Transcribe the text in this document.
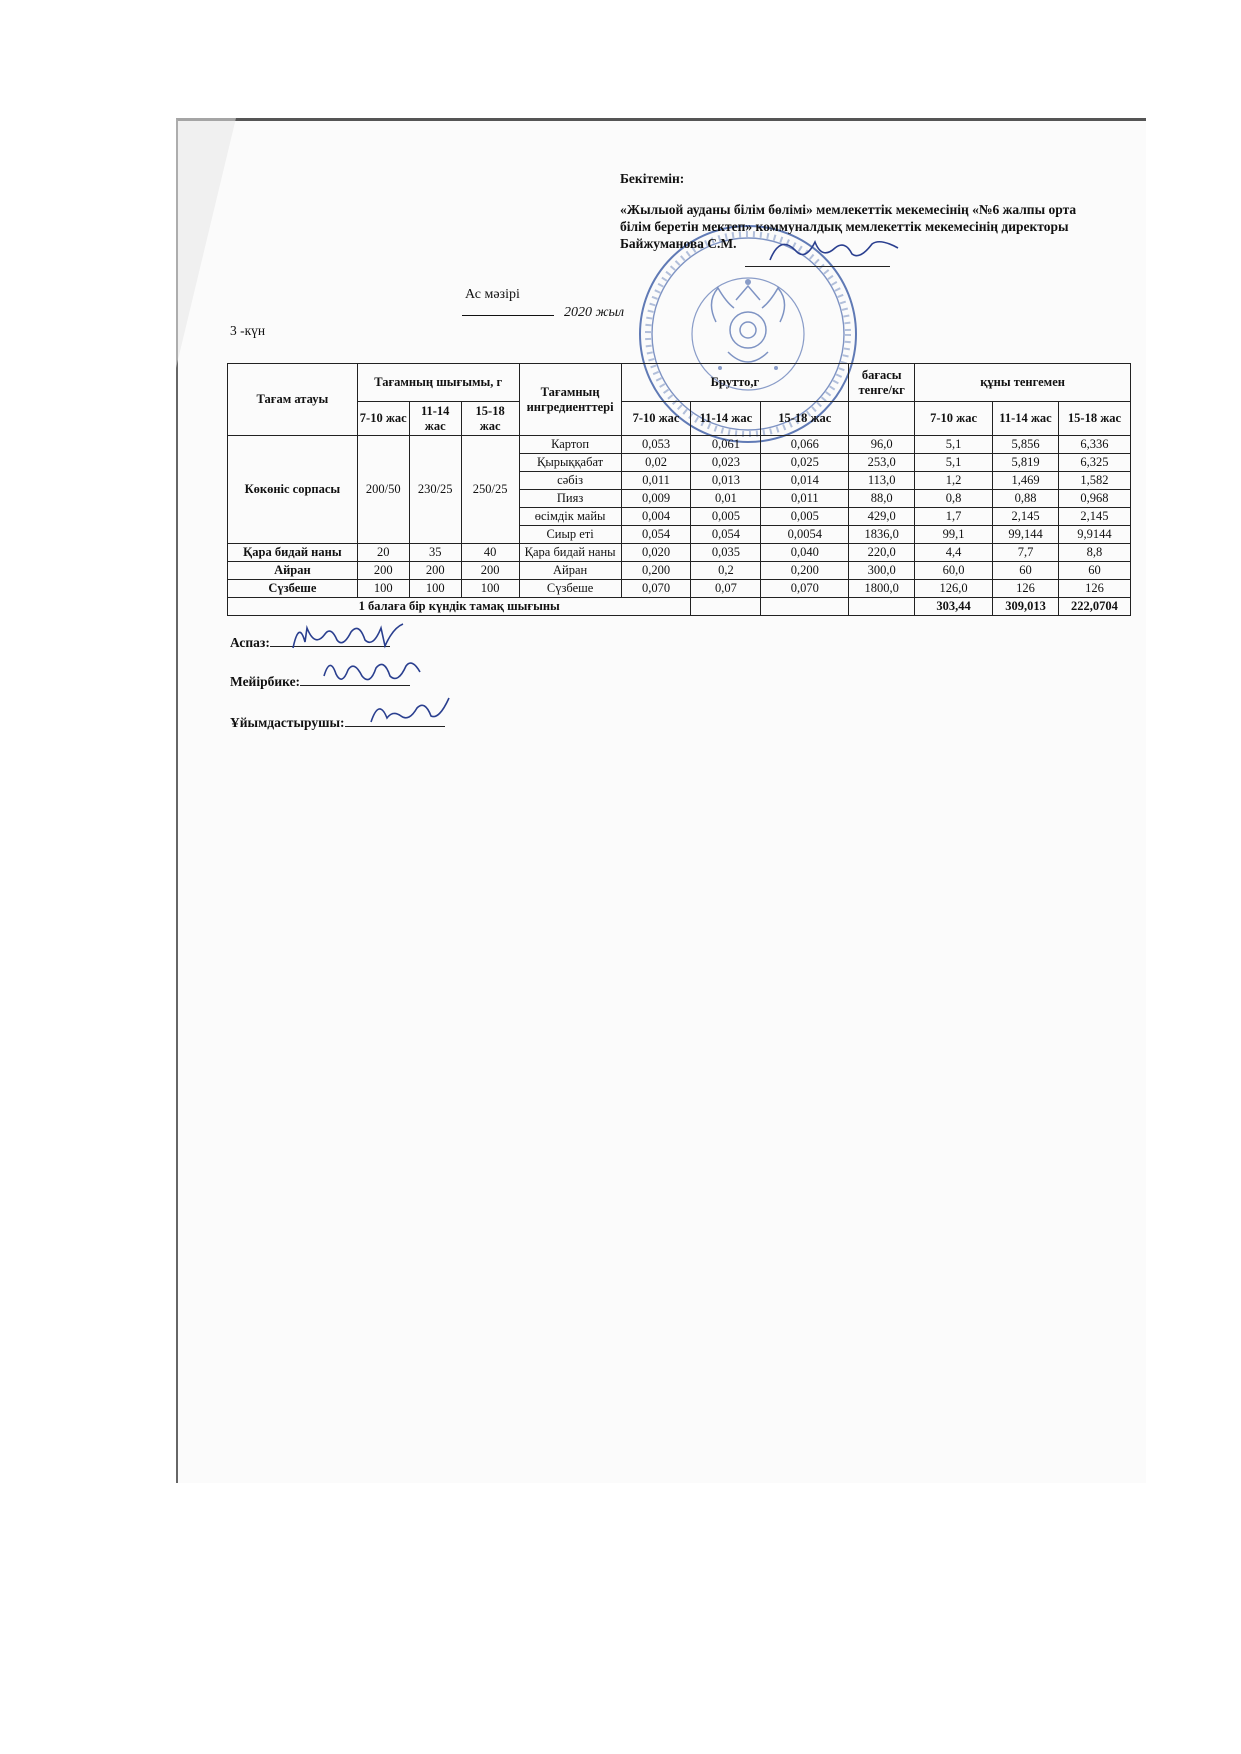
Бекітемін:
«Жылыой ауданы білім бөлімі» мемлекеттік мекемесінің «№6 жалпы орта
білім беретін мектеп» коммуналдық мемлекеттік мекемесінің директоры
Байжуманова С.М.
Ас мәзірі
2020 жыл
3 -күн
Тағам атауы	Тағамның шығымы, г			Тағамның ингредиенттері	Брутто,г			бағасы тенге/кг	құны тенгемен		
	7-10 жас	11-14 жас	15-18 жас		7-10 жас	11-14 жас	15-18 жас		7-10 жас	11-14 жас	15-18 жас
Көкөніс сорпасы	200/50	230/25	250/25	Картоп	0,053	0,061	0,066	96,0	5,1	5,856	6,336
				Қырыққабат	0,02	0,023	0,025	253,0	5,1	5,819	6,325
				сәбіз	0,011	0,013	0,014	113,0	1,2	1,469	1,582
				Пияз	0,009	0,01	0,011	88,0	0,8	0,88	0,968
				өсімдік майы	0,004	0,005	0,005	429,0	1,7	2,145	2,145
				Сиыр еті	0,054	0,054	0,0054	1836,0	99,1	99,144	9,9144
Қара бидай наны	20	35	40	Қара бидай наны	0,020	0,035	0,040	220,0	4,4	7,7	8,8
Айран	200	200	200	Айран	0,200	0,2	0,200	300,0	60,0	60	60
Сүзбеше	100	100	100	Сүзбеше	0,070	0,07	0,070	1800,0	126,0	126	126
1 балаға бір күндік тамақ шығыны									303,44	309,013	222,0704
Аспаз:
Мейірбике:
Ұйымдастырушы:
